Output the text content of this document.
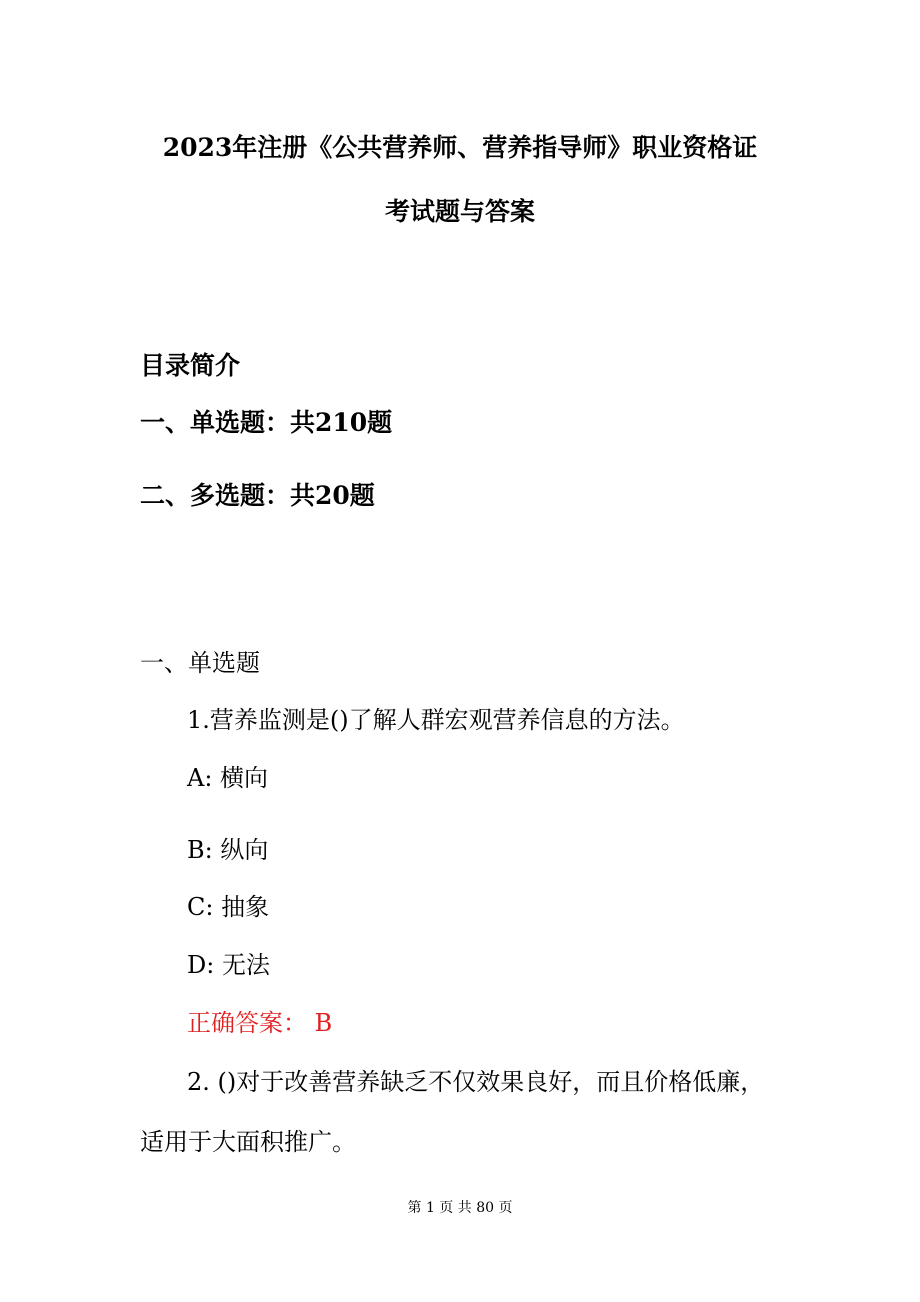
2023年注册《公共营养师、营养指导师》职业资格证
考试题与答案
目录简介
一、单选题：共210题
二、多选题：共20题
一、单选题
1.营养监测是()了解人群宏观营养信息的方法。
A: 横向
B: 纵向
C: 抽象
D: 无法
正确答案： B
2. ()对于改善营养缺乏不仅效果良好，而且价格低廉，
适用于大面积推广。
第 1 页 共 80 页
